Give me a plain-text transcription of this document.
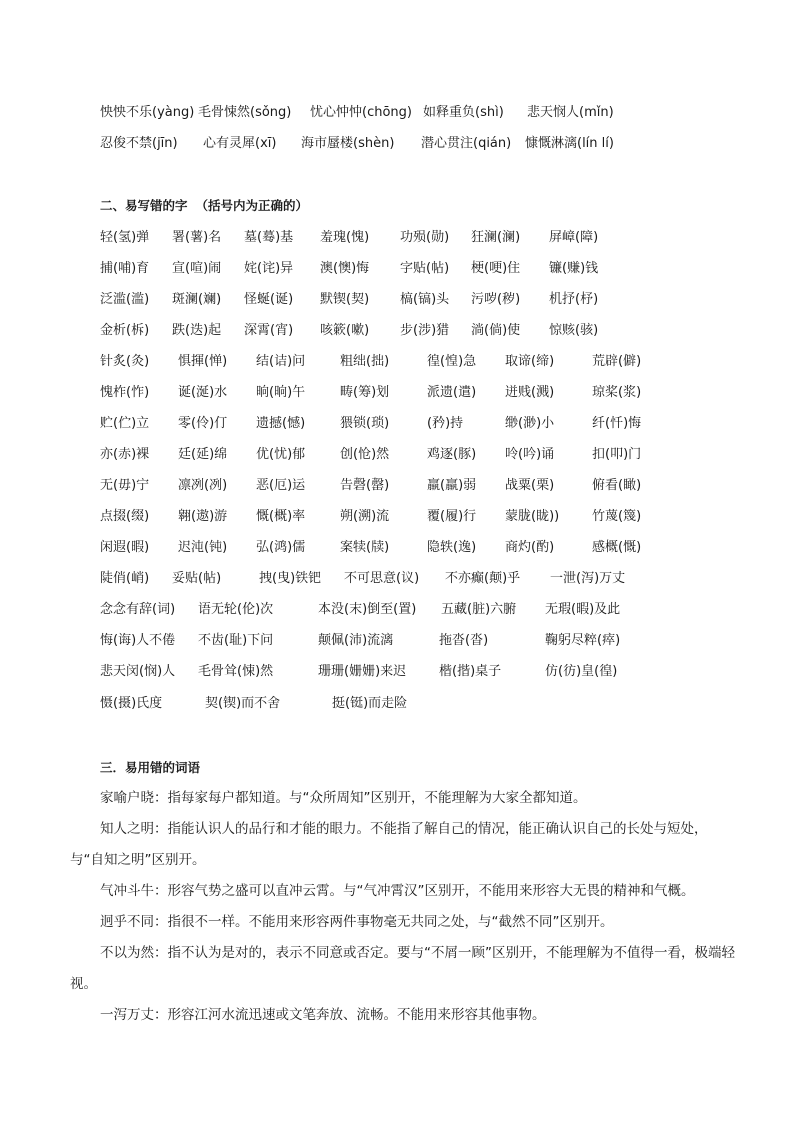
怏怏不乐(yàng) 毛骨悚然(sǒng) 忧心忡忡(chōng) 如释重负(shì) 悲天悯人(mǐn)
忍俊不禁(jīn) 心有灵犀(xī) 海市蜃楼(shèn) 潜心贯注(qián) 慷慨淋漓(lín lí)
二、易写错的字 （括号内为正确的）
轻(氢)弹 署(薯)名 墓(蓦)基 羞瑰(愧) 功殒(勋) 狂澜(澜) 屏嶂(障)
捕(哺)育 宣(喧)闹 姹(诧)异 澳(懊)悔 字贴(帖) 梗(哽)住 镰(赚)钱
泛滥(滥) 斑澜(斓) 怪蜒(诞) 默锲(契) 槁(镐)头 污哕(秽) 机抒(杼)
金析(柝) 跌(迭)起 深霄(宵) 咳簌(嗽) 步(涉)猎 淌(倘)使 惊赅(骇)
针炙(灸) 惧揮(惮) 结(诘)问	粗绌(拙)	徨(惶)急 取谛(缔)	荒辟(僻)
愧柞(怍) 诞(涎)水 晌(晌)午	畴(筹)划	派遗(遣) 迸贱(溅)	琼桨(浆)
贮(伫)立 零(伶)仃 遗撼(憾)	猥锁(琐)	(矜)持	缈(渺)小	纤(忏)悔
亦(赤)裸 廷(延)绵 优(忧)郁	创(怆)然	鸡逐(豚) 呤(吟)诵	扣(叩)门
无(毋)宁 凛冽(冽) 恶(厄)运	告磬(罄)	羸(羸)弱 战粟(栗)	俯看(瞰)
点掇(缀) 翱(遨)游 慨(概)率	朔(溯)流	覆(履)行 蒙胧(眬))	竹蔑(篾)
闲遐(暇) 迟沌(钝) 弘(鸿)儒	案犊(牍)	隐轶(逸) 商灼(酌)	感概(慨)
陡俏(峭) 妥贴(帖)	拽(曳)铁钯 不可思意(议) 不亦癫(颠)乎 一泄(泻)万丈
念念有辞(词) 语无轮(伦)次	本没(末)倒至(置) 五藏(脏)六腑 无瑕(暇)及此
悔(诲)人不倦 不齿(耻)下问	颠佩(沛)流漓	拖沓(沓)	鞠躬尽粹(瘁)
悲天闵(悯)人 毛骨耸(悚)然	珊珊(姗姗)来迟	楷(揩)桌子	仿(彷)皇(徨)
慑(摄)氏度	契(锲)而不舍	挺(铤)而走险
三．易用错的词语

家喻户晓：指每家每户都知道。与“众所周知”区别开，不能理解为大家全都知道。

知人之明：指能认识人的品行和才能的眼力。不能指了解自己的情况，能正确认识自己的长处与短处，与“自知之明”区别开。

气冲斗牛：形容气势之盛可以直冲云霄。与“气冲霄汉”区别开，不能用来形容大无畏的精神和气概。

迥乎不同：指很不一样。不能用来形容两件事物毫无共同之处，与“截然不同”区别开。

不以为然：指不认为是对的，表示不同意或否定。要与“不屑一顾”区别开，不能理解为不值得一看，极端轻视。

一泻万丈：形容江河水流迅速或文笔奔放、流畅。不能用来形容其他事物。
